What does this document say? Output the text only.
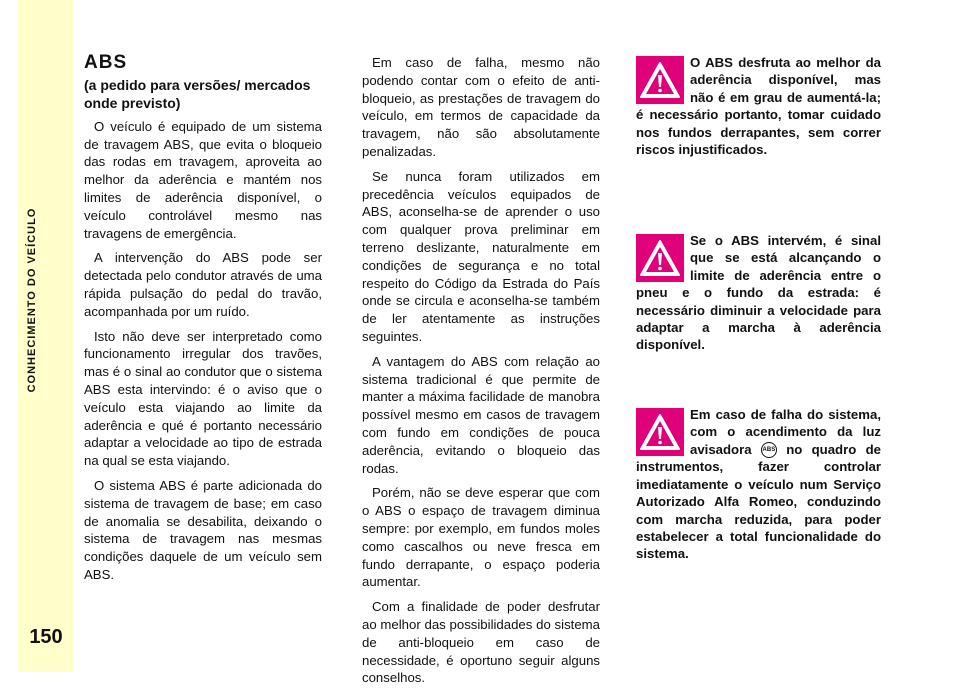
CONHECIMENTO DO VEÍCULO
150
ABS
(a pedido para versões/ mercados onde previsto)

O veículo é equipado de um sistema de travagem ABS, que evita o bloqueio das rodas em travagem, aproveita ao melhor da aderência e mantém nos limites de aderência disponível, o veículo controlável mesmo nas travagens de emergência.

A intervenção do ABS pode ser detectada pelo condutor através de uma rápida pulsação do pedal do travão, acompanhada por um ruído.

Isto não deve ser interpretado como funcionamento irregular dos travões, mas é o sinal ao condutor que o sistema ABS esta intervindo: é o aviso que o veículo esta viajando ao limite da aderência e qué é portanto necessário adaptar a velocidade ao tipo de estrada na qual se esta viajando.

O sistema ABS é parte adicionada do sistema de travagem de base; em caso de anomalia se desabilita, deixando o sistema de travagem nas mesmas condições daquele de um veículo sem ABS.

Em caso de falha, mesmo não podendo contar com o efeito de anti-bloqueio, as prestações de travagem do veículo, em termos de capacidade da travagem, não são absolutamente penalizadas.

Se nunca foram utilizados em precedência veículos equipados de ABS, aconselha-se de aprender o uso com qualquer prova preliminar em terreno deslizante, naturalmente em condições de segurança e no total respeito do Código da Estrada do País onde se circula e aconselha-se também de ler atentamente as instruções seguintes.

A vantagem do ABS com relação ao sistema tradicional é que permite de manter a máxima facilidade de manobra possível mesmo em casos de travagem com fundo em condições de pouca aderência, evitando o bloqueio das rodas.

Porém, não se deve esperar que com o ABS o espaço de travagem diminua sempre: por exemplo, em fundos moles como cascalhos ou neve fresca em fundo derrapante, o espaço poderia aumentar.

Com a finalidade de poder desfrutar ao melhor das possibilidades do sistema de anti-bloqueio em caso de necessidade, é oportuno seguir alguns conselhos.

O ABS desfruta ao melhor da aderência disponível, mas não é em grau de aumentá-la; é necessário portanto, tomar cuidado nos fundos derrapantes, sem correr riscos injustificados.
Se o ABS intervém, é sinal que se está alcançando o limite de aderência entre o pneu e o fundo da estrada: é necessário diminuir a velocidade para adaptar a marcha à aderência disponível.
Em caso de falha do sistema, com o acendimento da luz avisadora ABS no quadro de instrumentos, fazer controlar imediatamente o veículo num Serviço Autorizado Alfa Romeo, conduzindo com marcha reduzida, para poder estabelecer a total funcionalidade do sistema.
